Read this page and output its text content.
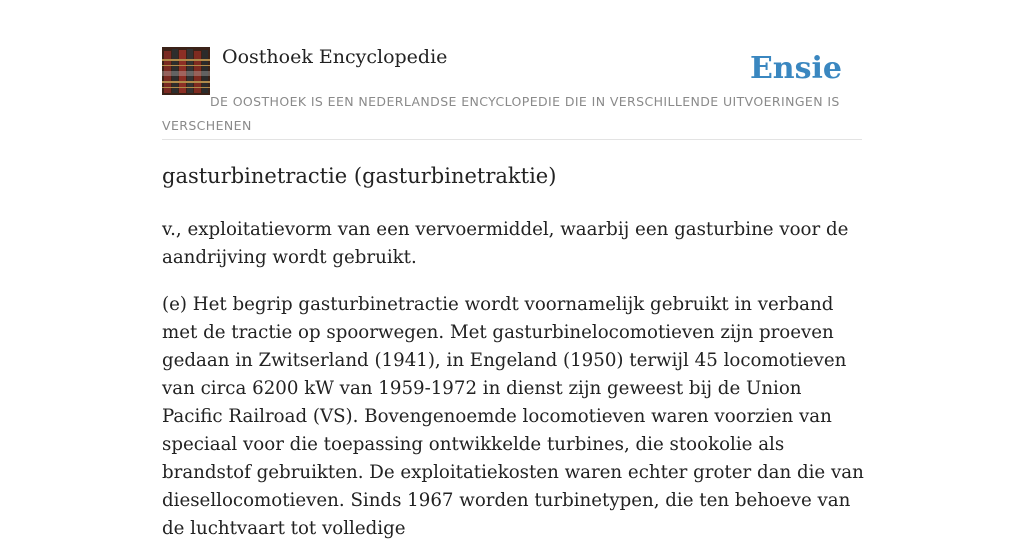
Oosthoek Encyclopedie	Ensie

DE OOSTHOEK IS EEN NEDERLANDSE ENCYCLOPEDIE DIE IN VERSCHILLENDE UITVOERINGEN IS VERSCHENEN

gasturbinetractie (gasturbinetraktie)

v., exploitatievorm van een vervoermiddel, waarbij een gasturbine voor de aandrijving wordt gebruikt.

(e) Het begrip gasturbinetractie wordt voornamelijk gebruikt in verband met de tractie op spoorwegen. Met gasturbinelocomotieven zijn proeven gedaan in Zwitserland (1941), in Engeland (1950) terwijl 45 locomotieven van circa 6200 kW van 1959-1972 in dienst zijn geweest bij de Union Pacific Railroad (VS). Bovengenoemde locomotieven waren voorzien van speciaal voor die toepassing ontwikkelde turbines, die stookolie als brandstof gebruikten. De exploitatiekosten waren echter groter dan die van diesellocomotieven. Sinds 1967 worden turbinetypen, die ten behoeve van de luchtvaart tot volledige
